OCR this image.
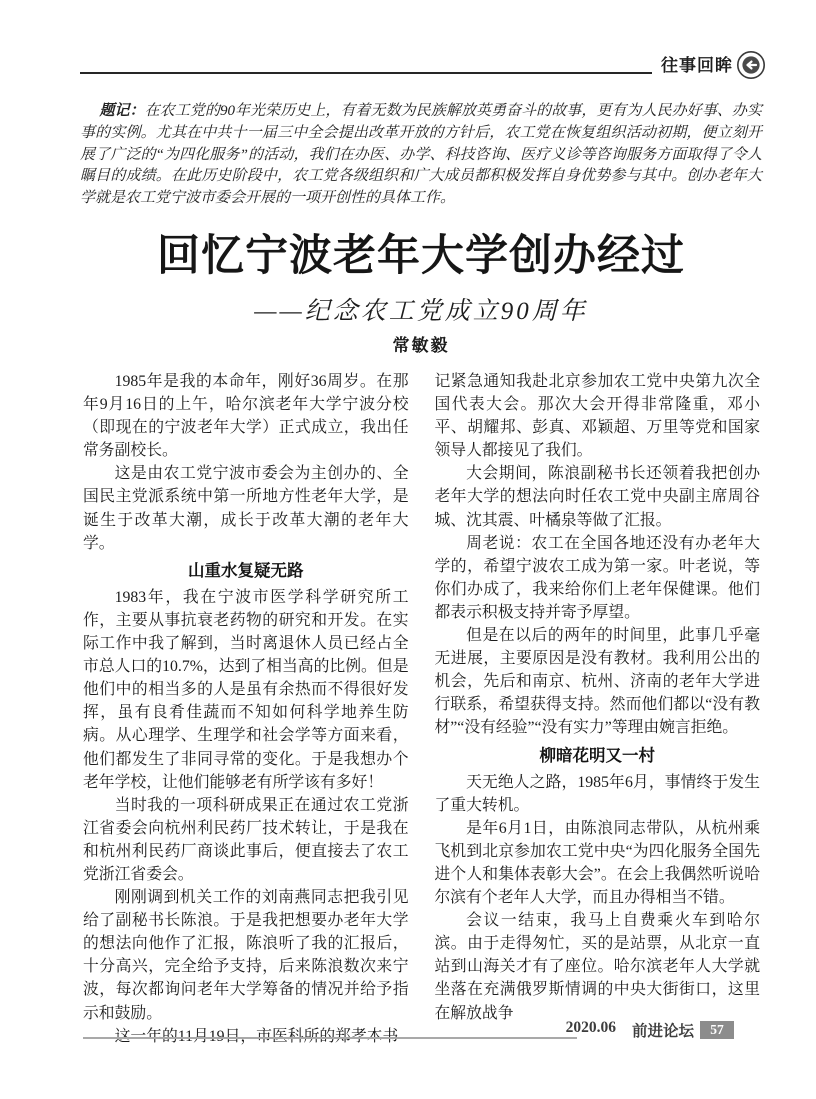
往事回眸

题记：在农工党的90年光荣历史上，有着无数为民族解放英勇奋斗的故事，更有为人民办好事、办实事的实例。尤其在中共十一届三中全会提出改革开放的方针后，农工党在恢复组织活动初期，便立刻开展了广泛的“为四化服务”的活动，我们在办医、办学、科技咨询、医疗义诊等咨询服务方面取得了令人瞩目的成绩。在此历史阶段中，农工党各级组织和广大成员都积极发挥自身优势参与其中。创办老年大学就是农工党宁波市委会开展的一项开创性的具体工作。

回忆宁波老年大学创办经过
——纪念农工党成立90周年
常敏毅

1985年是我的本命年，刚好36周岁。在那年9月16日的上午，哈尔滨老年大学宁波分校（即现在的宁波老年大学）正式成立，我出任常务副校长。

这是由农工党宁波市委会为主创办的、全国民主党派系统中第一所地方性老年大学，是诞生于改革大潮，成长于改革大潮的老年大学。

山重水复疑无路

1983年，我在宁波市医学科学研究所工作，主要从事抗衰老药物的研究和开发。在实际工作中我了解到，当时离退休人员已经占全市总人口的10.7%，达到了相当高的比例。但是他们中的相当多的人是虽有余热而不得很好发挥，虽有良肴佳蔬而不知如何科学地养生防病。从心理学、生理学和社会学等方面来看，他们都发生了非同寻常的变化。于是我想办个老年学校，让他们能够老有所学该有多好！

当时我的一项科研成果正在通过农工党浙江省委会向杭州利民药厂技术转让，于是我在和杭州利民药厂商谈此事后，便直接去了农工党浙江省委会。

刚刚调到机关工作的刘南燕同志把我引见给了副秘书长陈浪。于是我把想要办老年大学的想法向他作了汇报，陈浪听了我的汇报后，十分高兴，完全给予支持，后来陈浪数次来宁波，每次都询问老年大学筹备的情况并给予指示和鼓励。

记紧急通知我赴北京参加农工党中央第九次全国代表大会。那次大会开得非常隆重，邓小平、胡耀邦、彭真、邓颖超、万里等党和国家领导人都接见了我们。

大会期间，陈浪副秘书长还领着我把创办老年大学的想法向时任农工党中央副主席周谷城、沈其震、叶橘泉等做了汇报。

周老说：农工在全国各地还没有办老年大学的，希望宁波农工成为第一家。叶老说，等你们办成了，我来给你们上老年保健课。他们都表示积极支持并寄予厚望。

但是在以后的两年的时间里，此事几乎毫无进展，主要原因是没有教材。我利用公出的机会，先后和南京、杭州、济南的老年大学进行联系，希望获得支持。然而他们都以“没有教材”“没有经验”“没有实力”等理由婉言拒绝。

柳暗花明又一村

天无绝人之路，1985年6月，事情终于发生了重大转机。

是年6月1日，由陈浪同志带队，从杭州乘飞机到北京参加农工党中央“为四化服务全国先进个人和集体表彰大会”。在会上我偶然听说哈尔滨有个老年人大学，而且办得相当不错。

会议一结束，我马上自费乘火车到哈尔滨。由于走得匆忙，买的是站票，从北京一直站到山海关才有了座位。哈尔滨老年人大学就坐落在充满俄罗斯情调的中央大街街口，这里在解放战争

2020.06 前进论坛	57
